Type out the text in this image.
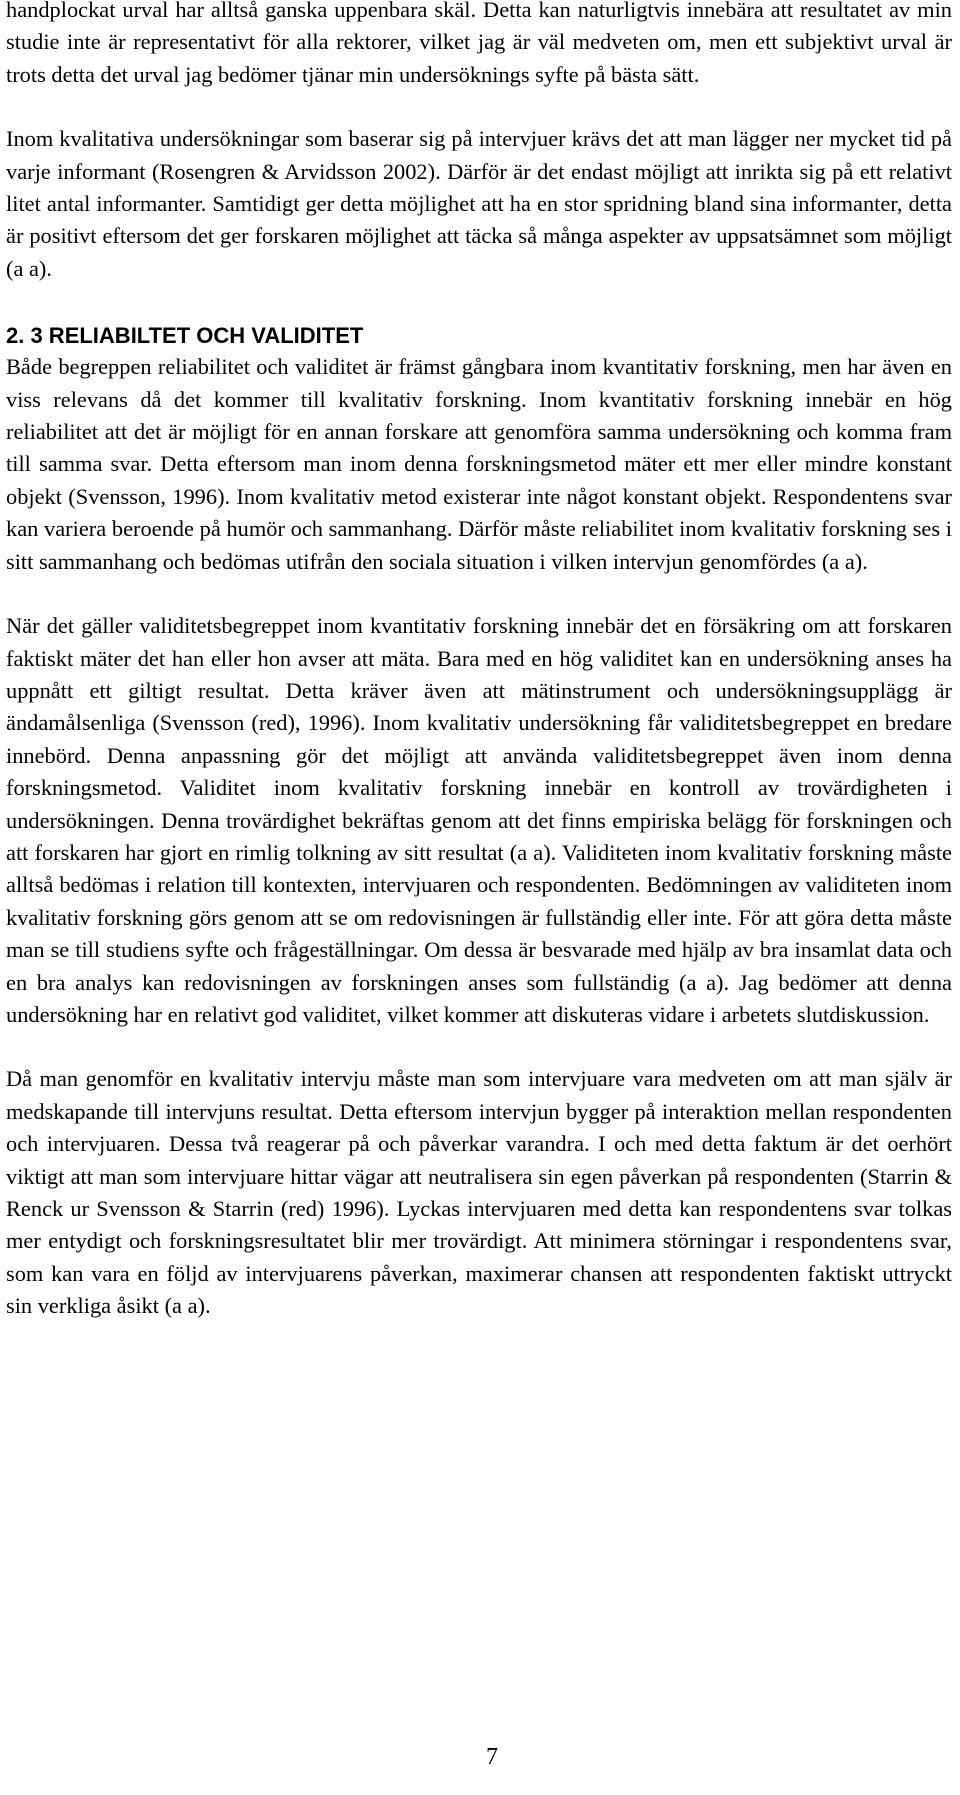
handplockat urval har alltså ganska uppenbara skäl. Detta kan naturligtvis innebära att resultatet av min studie inte är representativt för alla rektorer, vilket jag är väl medveten om, men ett subjektivt urval är trots detta det urval jag bedömer tjänar min undersöknings syfte på bästa sätt.

Inom kvalitativa undersökningar som baserar sig på intervjuer krävs det att man lägger ner mycket tid på varje informant (Rosengren & Arvidsson 2002). Därför är det endast möjligt att inrikta sig på ett relativt litet antal informanter. Samtidigt ger detta möjlighet att ha en stor spridning bland sina informanter, detta är positivt eftersom det ger forskaren möjlighet att täcka så många aspekter av uppsatsämnet som möjligt (a a).

2. 3 RELIABILTET OCH VALIDITET

Både begreppen reliabilitet och validitet är främst gångbara inom kvantitativ forskning, men har även en viss relevans då det kommer till kvalitativ forskning. Inom kvantitativ forskning innebär en hög reliabilitet att det är möjligt för en annan forskare att genomföra samma undersökning och komma fram till samma svar. Detta eftersom man inom denna forskningsmetod mäter ett mer eller mindre konstant objekt (Svensson, 1996). Inom kvalitativ metod existerar inte något konstant objekt. Respondentens svar kan variera beroende på humör och sammanhang. Därför måste reliabilitet inom kvalitativ forskning ses i sitt sammanhang och bedömas utifrån den sociala situation i vilken intervjun genomfördes (a a).

När det gäller validitetsbegreppet inom kvantitativ forskning innebär det en försäkring om att forskaren faktiskt mäter det han eller hon avser att mäta. Bara med en hög validitet kan en undersökning anses ha uppnått ett giltigt resultat. Detta kräver även att mätinstrument och undersökningsupplägg är ändamålsenliga (Svensson (red), 1996). Inom kvalitativ undersökning får validitetsbegreppet en bredare innebörd. Denna anpassning gör det möjligt att använda validitetsbegreppet även inom denna forskningsmetod. Validitet inom kvalitativ forskning innebär en kontroll av trovärdigheten i undersökningen. Denna trovärdighet bekräftas genom att det finns empiriska belägg för forskningen och att forskaren har gjort en rimlig tolkning av sitt resultat (a a). Validiteten inom kvalitativ forskning måste alltså bedömas i relation till kontexten, intervjuaren och respondenten. Bedömningen av validiteten inom kvalitativ forskning görs genom att se om redovisningen är fullständig eller inte. För att göra detta måste man se till studiens syfte och frågeställningar. Om dessa är besvarade med hjälp av bra insamlat data och en bra analys kan redovisningen av forskningen anses som fullständig (a a). Jag bedömer att denna undersökning har en relativt god validitet, vilket kommer att diskuteras vidare i arbetets slutdiskussion.

Då man genomför en kvalitativ intervju måste man som intervjuare vara medveten om att man själv är medskapande till intervjuns resultat. Detta eftersom intervjun bygger på interaktion mellan respondenten och intervjuaren. Dessa två reagerar på och påverkar varandra. I och med detta faktum är det oerhört viktigt att man som intervjuare hittar vägar att neutralisera sin egen påverkan på respondenten (Starrin & Renck ur Svensson & Starrin (red) 1996). Lyckas intervjuaren med detta kan respondentens svar tolkas mer entydigt och forskningsresultatet blir mer trovärdigt. Att minimera störningar i respondentens svar, som kan vara en följd av intervjuarens påverkan, maximerar chansen att respondenten faktiskt uttryckt sin verkliga åsikt (a a).

7
